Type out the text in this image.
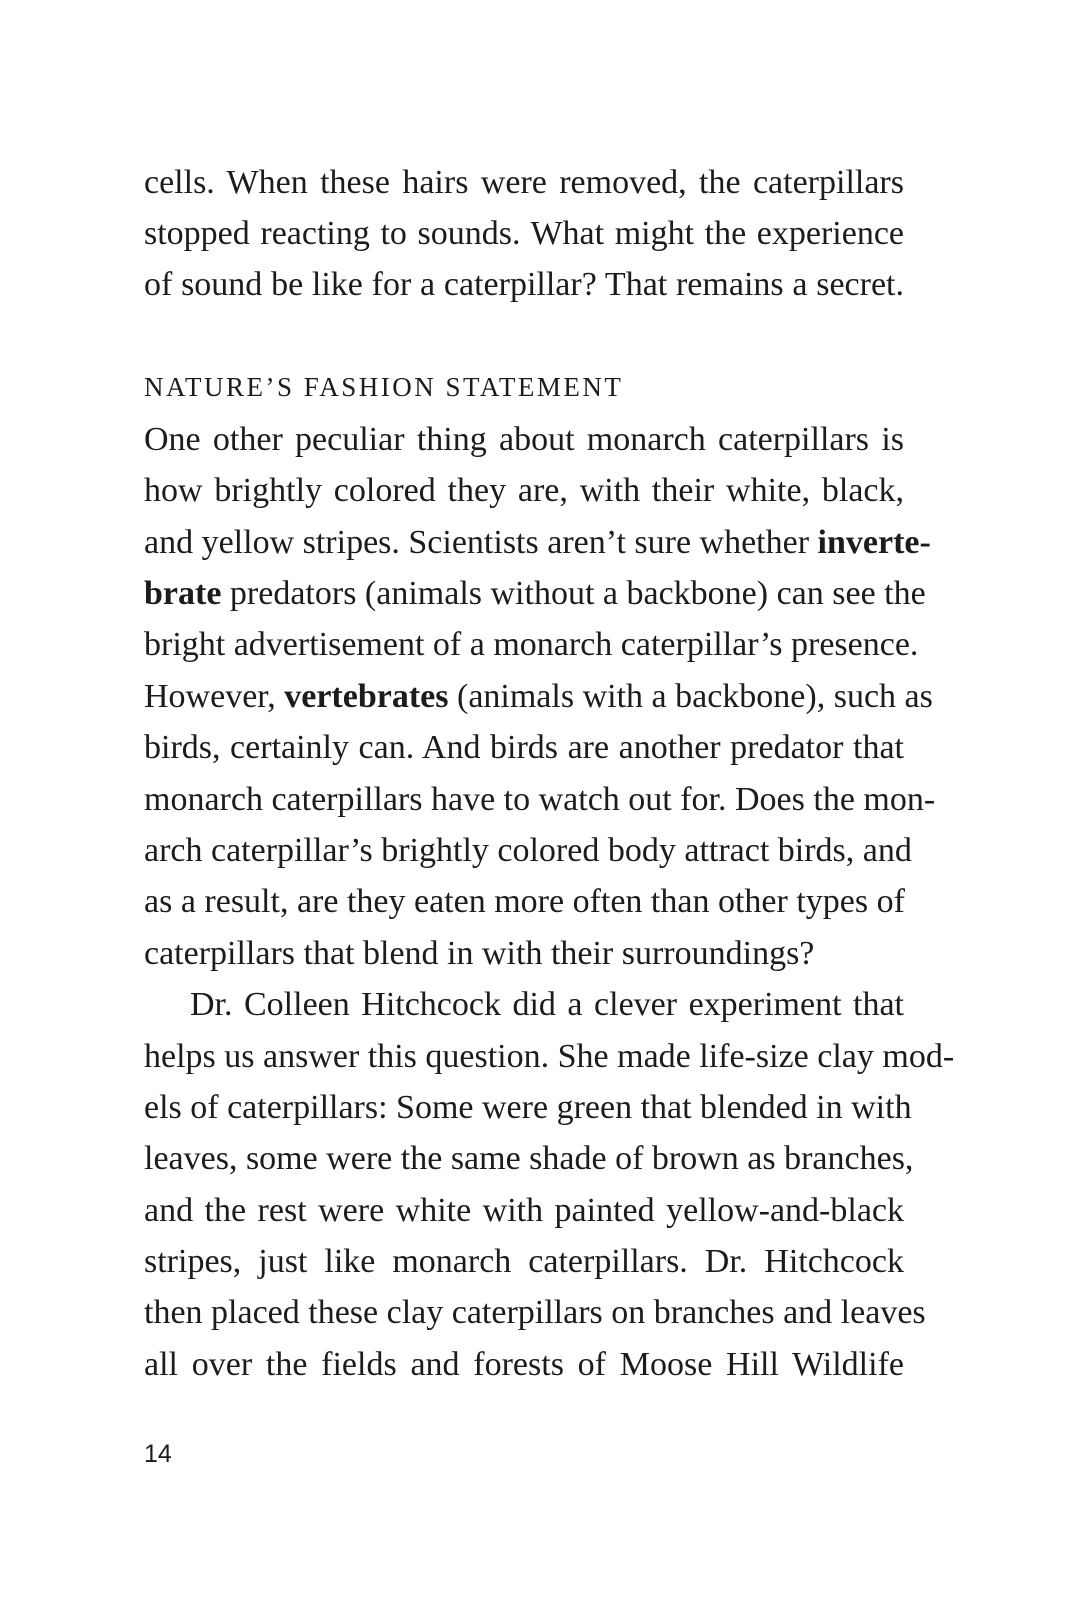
cells. When these hairs were removed, the caterpillars
stopped reacting to sounds. What might the experience
of sound be like for a caterpillar? That remains a secret.
NATURE’S FASHION STATEMENT
One other peculiar thing about monarch caterpillars is
how brightly colored they are, with their white, black,
and yellow stripes. Scientists aren’t sure whether inverte-
brate predators (animals without a backbone) can see the
bright advertisement of a monarch caterpillar’s presence.
However, vertebrates (animals with a backbone), such as
birds, certainly can. And birds are another predator that
monarch caterpillars have to watch out for. Does the mon-
arch caterpillar’s brightly colored body attract birds, and
as a result, are they eaten more often than other types of
caterpillars that blend in with their surroundings?
Dr. Colleen Hitchcock did a clever experiment that
helps us answer this question. She made life-size clay mod-
els of caterpillars: Some were green that blended in with
leaves, some were the same shade of brown as branches,
and the rest were white with painted yellow-and-black
stripes, just like monarch caterpillars. Dr. Hitchcock
then placed these clay caterpillars on branches and leaves
all over the fields and forests of Moose Hill Wildlife
14
